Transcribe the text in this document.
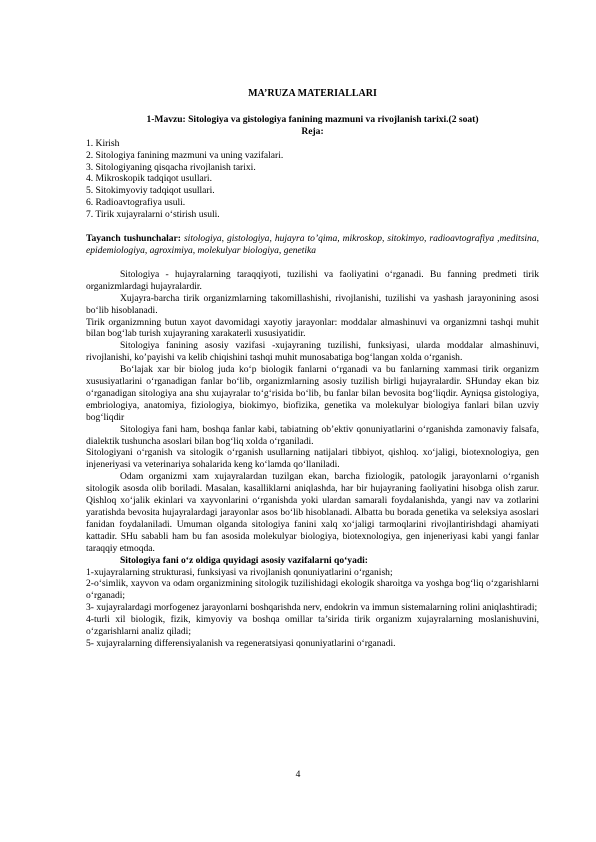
MA’RUZA MATERIALLARI
1-Mavzu: Sitologiya va gistologiya fanining mazmuni va rivojlanish tarixi.(2 soat)
Reja:
1. Kirish
2. Sitologiya fanining mazmuni va uning vazifalari.
3. Sitologiyaning qisqacha rivojlanish tarixi.
4. Mikroskopik tadqiqot usullari.
5. Sitokimyoviy tadqiqot usullari.
6. Radioavtografiya usuli.
7. Tirik xujayralarni o‘stirish usuli.
Tayanch tushunchalar: sitologiya, gistologiya, hujayra to’qima, mikroskop, sitokimyo, radioavtografiya ,meditsina, epidemiologiya, agroximiya, molekulyar biologiya, genetika

Sitologiya - hujayralarning taraqqiyoti, tuzilishi va faoliyatini o‘rganadi. Bu fanning predmeti tirik organizmlardagi hujayralardir.

Xujayra-barcha tirik organizmlarning takomillashishi, rivojlanishi, tuzilishi va yashash jarayonining asosi bo‘lib hisoblanadi.

Tirik organizmning butun xayot davomidagi xayotiy jarayonlar: moddalar almashinuvi va organizmni tashqi muhit bilan bog‘lab turish xujayraning xarakaterli xususiyatidir.

Sitologiya fanining asosiy vazifasi -xujayraning tuzilishi, funksiyasi, ularda moddalar almashinuvi, rivojlanishi, ko’payishi va kelib chiqishini tashqi muhit munosabatiga bog‘langan xolda o‘rganish.

Bo‘lajak xar bir biolog juda ko‘p biologik fanlarni o‘rganadi va bu fanlarning xammasi tirik organizm xususiyatlarini o‘rganadigan fanlar bo‘lib, organizmlarning asosiy tuzilish birligi hujayralardir. SHunday ekan biz o‘rganadigan sitologiya ana shu xujayralar to‘g‘risida bo‘lib, bu fanlar bilan bevosita bog‘liqdir. Ayniqsa gistologiya, embriologiya, anatomiya, fiziologiya, biokimyo, biofizika, genetika va molekulyar biologiya fanlari bilan uzviy bog‘liqdir

Sitologiya fani ham, boshqa fanlar kabi, tabiatning ob’ektiv qonuniyatlarini o‘rganishda zamonaviy falsafa, dialektik tushuncha asoslari bilan bog‘liq xolda o‘rganiladi.

Sitologiyani o‘rganish va sitologik o‘rganish usullarning natijalari tibbiyot, qishloq. xo‘jaligi, biotexnologiya, gen injeneriyasi va veterinariya sohalarida keng ko‘lamda qo‘llaniladi.

Odam organizmi xam xujayralardan tuzilgan ekan, barcha fiziologik, patologik jarayonlarni o‘rganish sitologik asosda olib boriladi. Masalan, kasalliklarni aniqlashda, har bir hujayraning faoliyatini hisobga olish zarur. Qishloq xo‘jalik ekinlari va xayvonlarini o‘rganishda yoki ulardan samarali foydalanishda, yangi nav va zotlarini yaratishda bevosita hujayralardagi jarayonlar asos bo‘lib hisoblanadi. Albatta bu borada genetika va seleksiya asoslari fanidan foydalaniladi. Umuman olganda sitologiya fanini xalq xo‘jaligi tarmoqlarini rivojlantirishdagi ahamiyati kattadir. SHu sababli ham bu fan asosida molekulyar biologiya, biotexnologiya, gen injeneriyasi kabi yangi fanlar taraqqiy etmoqda.

Sitologiya fani o‘z oldiga quyidagi asosiy vazifalarni qo‘yadi:

1-xujayralarning strukturasi, funksiyasi va rivojlanish qonuniyatlarini o‘rganish;

2-o‘simlik, xayvon va odam organizmining sitologik tuzilishidagi ekologik sharoitga va yoshga bog‘liq o‘zgarishlarni o‘rganadi;

3- xujayralardagi morfogenez jarayonlarni boshqarishda nerv, endokrin va immun sistemalarning rolini aniqlashtiradi;

4-turli xil biologik, fizik, kimyoviy va boshqa omillar ta’sirida tirik organizm xujayralarning moslanishuvini, o‘zgarishlarni analiz qiladi;

5- xujayralarning differensiyalanish va regeneratsiyasi qonuniyatlarini o‘rganadi.

4
